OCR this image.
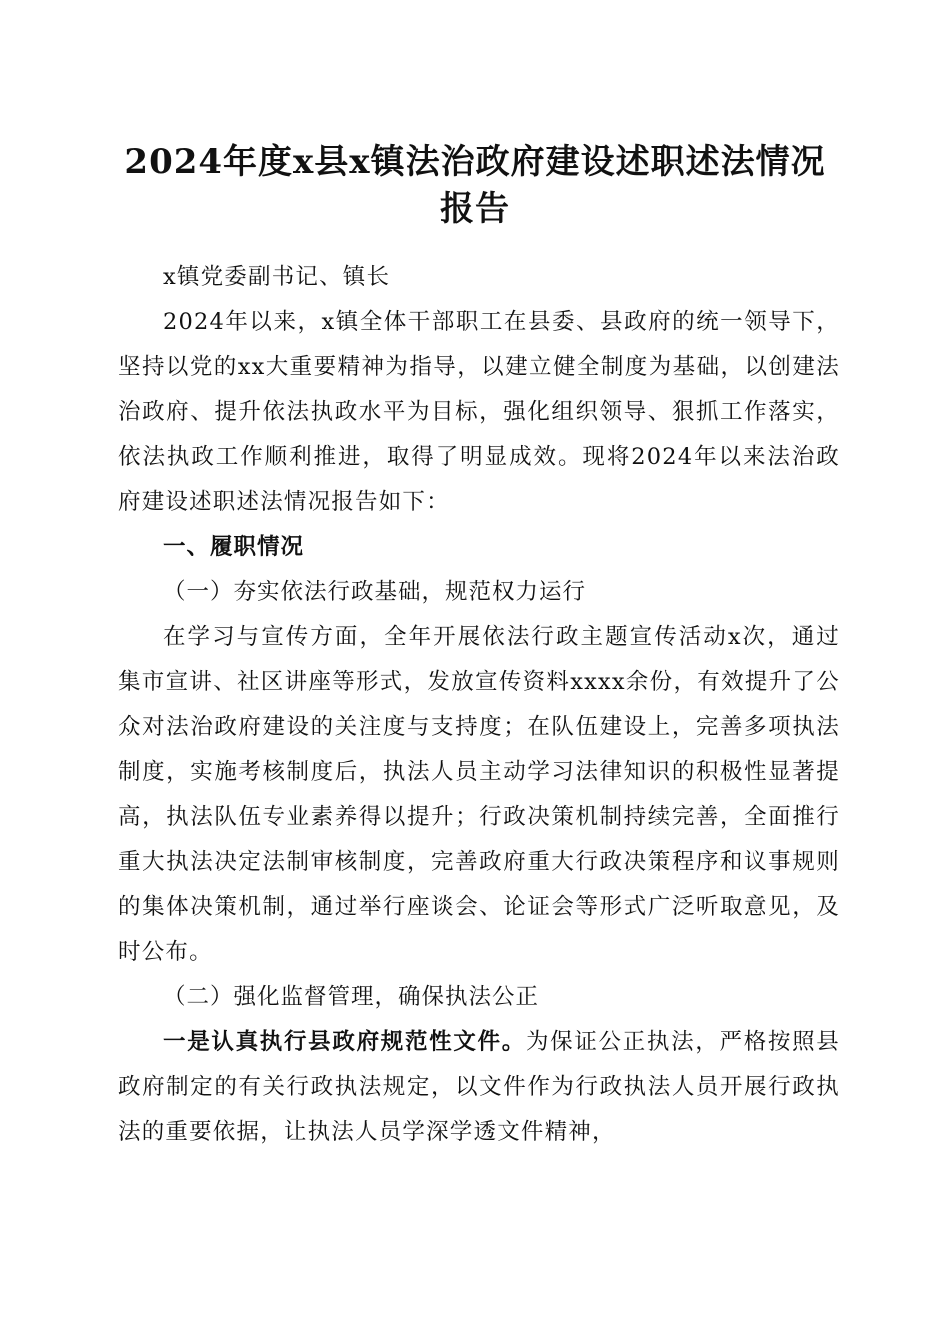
2024年度x县x镇法治政府建设述职述法情况
报告

x镇党委副书记、镇长

2024年以来，x镇全体干部职工在县委、县政府的统一领导下，坚持以党的xx大重要精神为指导，以建立健全制度为基础，以创建法治政府、提升依法执政水平为目标，强化组织领导、狠抓工作落实，依法执政工作顺利推进，取得了明显成效。现将2024年以来法治政府建设述职述法情况报告如下：

一、履职情况

（一）夯实依法行政基础，规范权力运行

在学习与宣传方面，全年开展依法行政主题宣传活动x次，通过集市宣讲、社区讲座等形式，发放宣传资料xxxx余份，有效提升了公众对法治政府建设的关注度与支持度；在队伍建设上，完善多项执法制度，实施考核制度后，执法人员主动学习法律知识的积极性显著提高，执法队伍专业素养得以提升；行政决策机制持续完善，全面推行重大执法决定法制审核制度，完善政府重大行政决策程序和议事规则的集体决策机制，通过举行座谈会、论证会等形式广泛听取意见，及时公布。

（二）强化监督管理，确保执法公正

一是认真执行县政府规范性文件。为保证公正执法，严格按照县政府制定的有关行政执法规定，以文件作为行政执法人员开展行政执法的重要依据，让执法人员学深学透文件精神，
